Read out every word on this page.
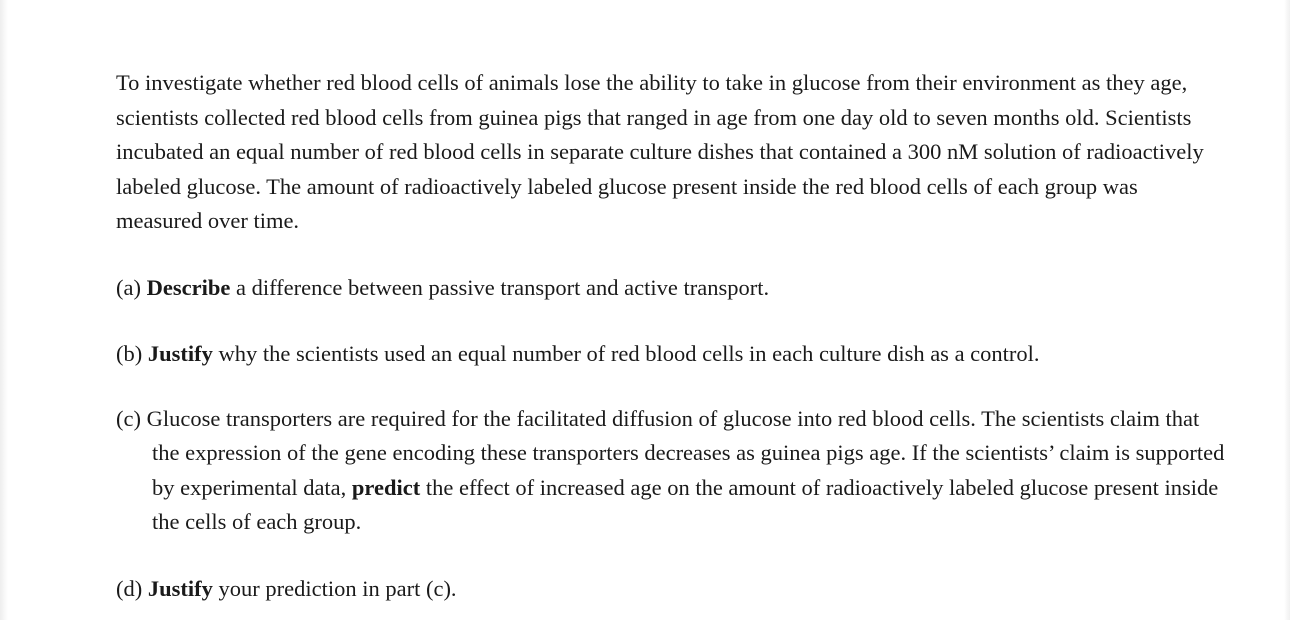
To investigate whether red blood cells of animals lose the ability to take in glucose from their environment as they age, scientists collected red blood cells from guinea pigs that ranged in age from one day old to seven months old. Scientists incubated an equal number of red blood cells in separate culture dishes that contained a 300 nM solution of radioactively labeled glucose. The amount of radioactively labeled glucose present inside the red blood cells of each group was measured over time.

(a) Describe a difference between passive transport and active transport.

(b) Justify why the scientists used an equal number of red blood cells in each culture dish as a control.

(c) Glucose transporters are required for the facilitated diffusion of glucose into red blood cells. The scientists claim that the expression of the gene encoding these transporters decreases as guinea pigs age. If the scientists’ claim is supported by experimental data, predict the effect of increased age on the amount of radioactively labeled glucose present inside the cells of each group.

(d) Justify your prediction in part (c).
